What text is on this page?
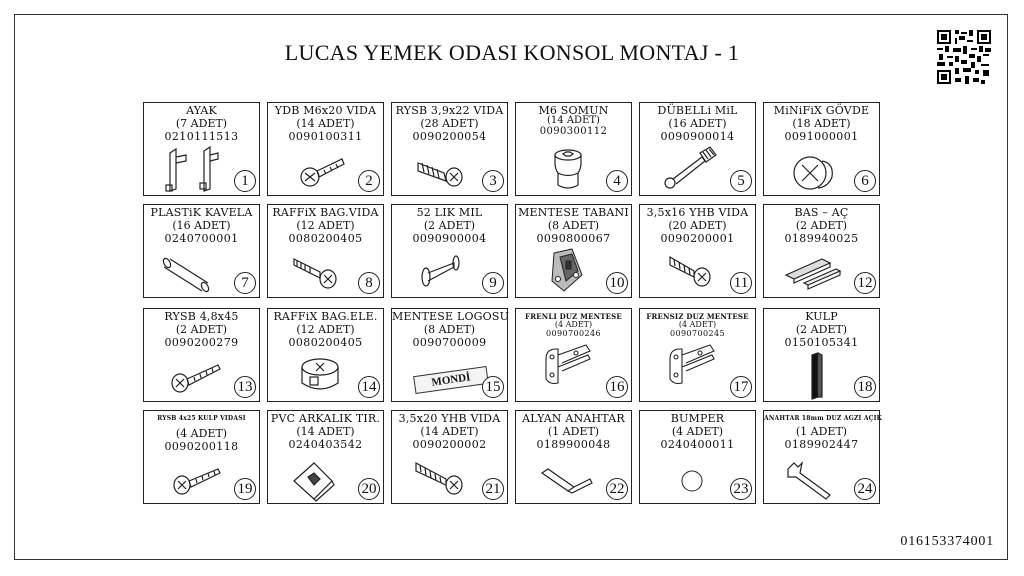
LUCAS YEMEK ODASI KONSOL MONTAJ - 1
AYAK
(7 ADET)
0210111513
1
YDB M6x20 VIDA
(14 ADET)
0090100311
2
RYSB 3,9x22 VIDA
(28 ADET)
0090200054
3
M6 SOMUN
(14 ADET)
0090300112
4
DÜBELLi MiL
(16 ADET)
0090900014
5
MiNiFiX GÖVDE
(18 ADET)
0091000001
6
PLASTiK KAVELA
(16 ADET)
0240700001
7
RAFFiX BAG.VIDA
(12 ADET)
0080200405
8
52 LIK MIL
(2 ADET)
0090900004
9
MENTESE TABANI
(8 ADET)
0090800067
10
3,5x16 YHB VIDA
(20 ADET)
0090200001
11
BAS – AÇ
(2 ADET)
0189940025
12
RYSB 4,8x45
(2 ADET)
0090200279
13
RAFFiX BAG.ELE.
(12 ADET)
0080200405
14
MENTESE LOGOSU
(8 ADET)
0090700009
MONDİ 15
FRENLI DUZ MENTESE
(4 ADET)
0090700246
16
FRENSIZ DUZ MENTESE
(4 ADET)
0090700245
17
KULP
(2 ADET)
0150105341
18
RYSB 4x25 KULP VIDASI
(4 ADET)
0090200118
19
PVC ARKALIK TIR.
(14 ADET)
0240403542
20
3,5x20 YHB VIDA
(14 ADET)
0090200002
21
ALYAN ANAHTAR
(1 ADET)
0189900048
22
BUMPER
(4 ADET)
0240400011
23
ANAHTAR 18mm DUZ AGZI AÇIK
(1 ADET)
0189902447
24
016153374001
